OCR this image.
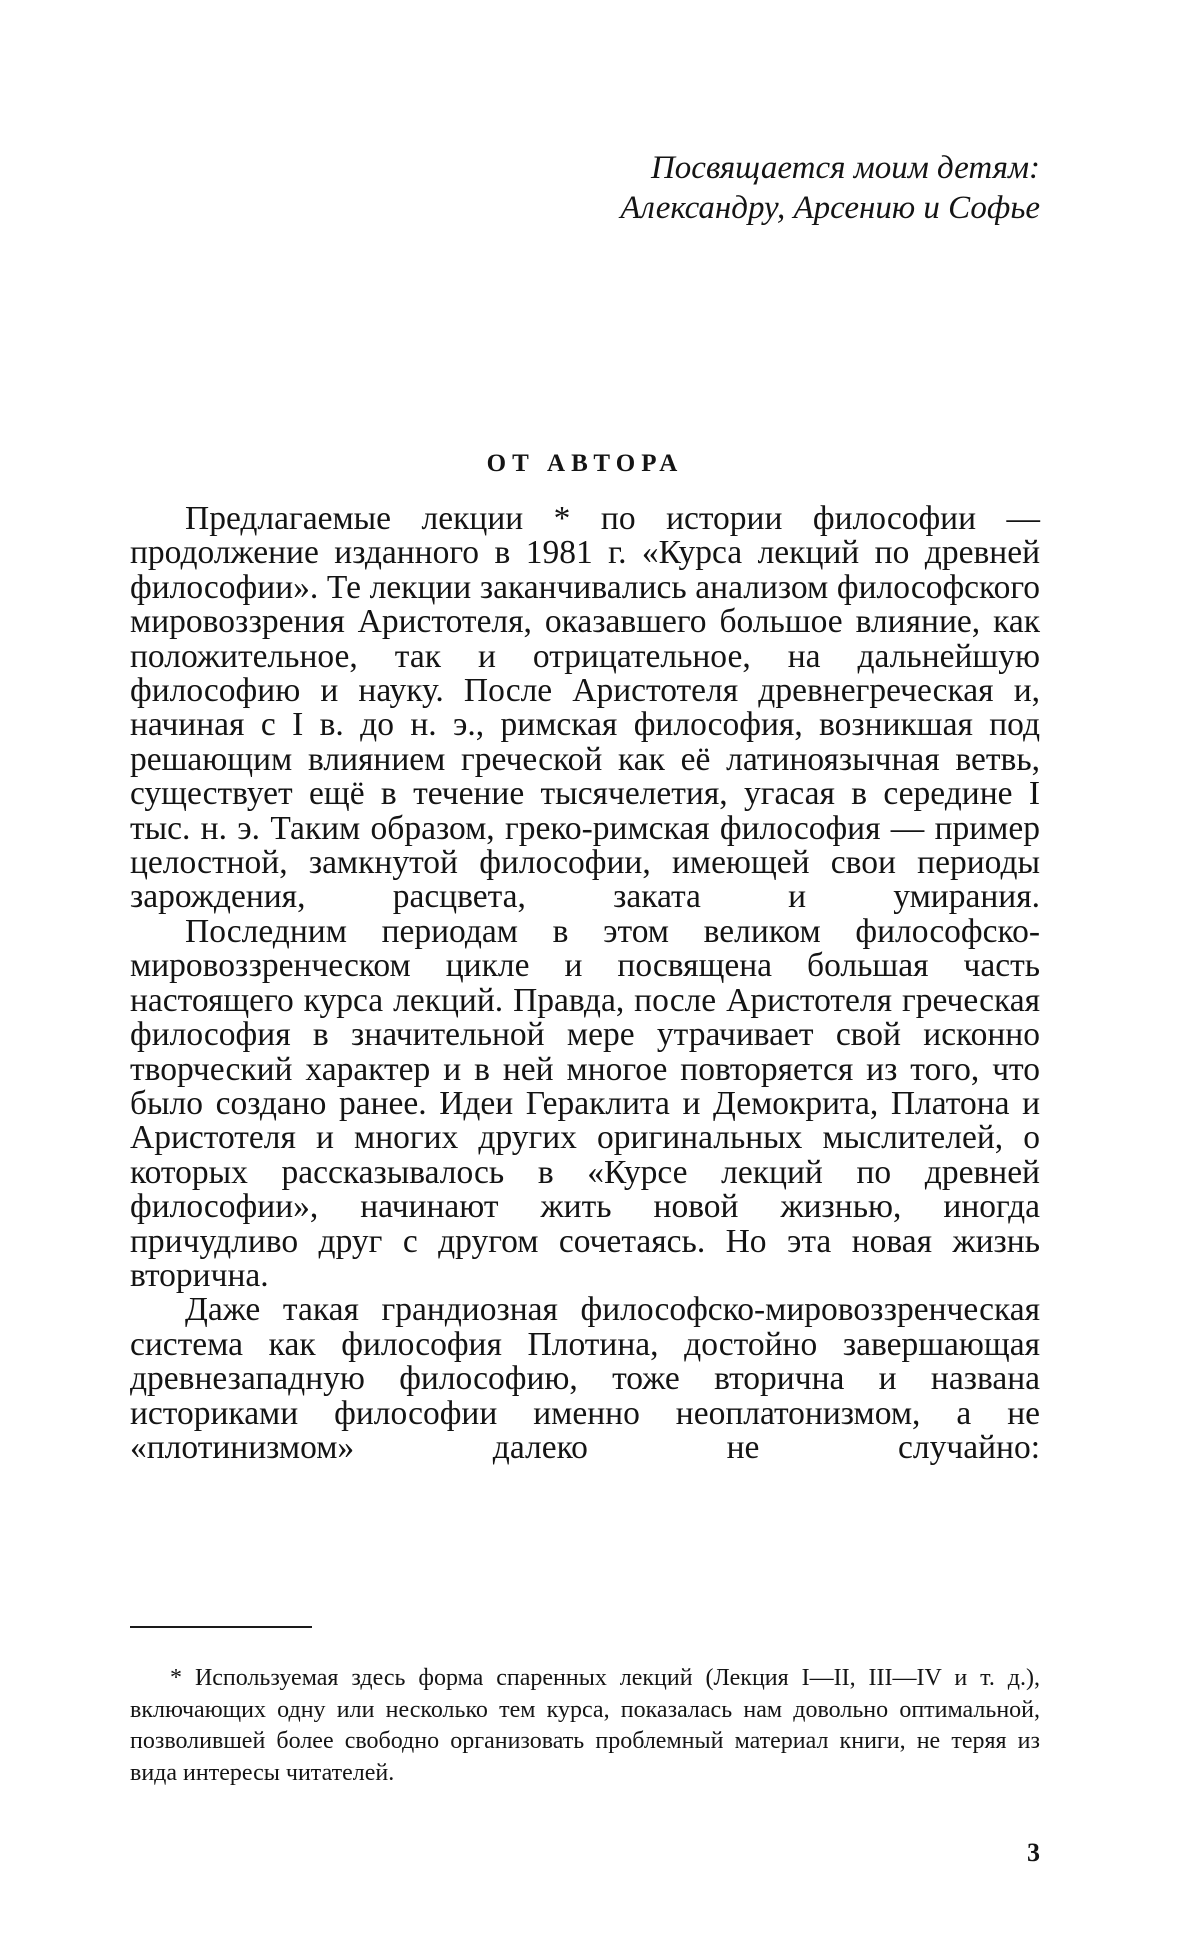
Посвящается моим детям:
Александру, Арсению и Софье
ОТ АВТОРА

Предлагаемые лекции * по истории философии — продолжение изданного в 1981 г. «Курса лекций по древней философии». Те лекции заканчивались анализом философского мировоззрения Аристотеля, оказавшего большое влияние, как положительное, так и отрицательное, на дальнейшую философию и науку. После Аристотеля древнегреческая и, начиная с I в. до н. э., римская философия, возникшая под решающим влиянием греческой как её латиноязычная ветвь, существует ещё в течение тысячелетия, угасая в середине I тыс. н. э. Таким образом, греко-римская философия — пример целостной, замкнутой философии, имеющей свои периоды зарождения, расцвета, заката и умирания.

Последним периодам в этом великом философско-мировоззренческом цикле и посвящена большая часть настоящего курса лекций. Правда, после Аристотеля греческая философия в значительной мере утрачивает свой исконно творческий характер и в ней многое повторяется из того, что было создано ранее. Идеи Гераклита и Демокрита, Платона и Аристотеля и многих других оригинальных мыслителей, о которых рассказывалось в «Курсе лекций по древней философии», начинают жить новой жизнью, иногда причудливо друг с другом сочетаясь. Но эта новая жизнь вторична.

Даже такая грандиозная философско-мировоззренческая система как философия Плотина, достойно завершающая древнезападную философию, тоже вторична и названа историками философии именно неоплатонизмом, а не «плотинизмом» далеко не случайно:

* Используемая здесь форма спаренных лекций (Лекция I—II, III—IV и т. д.), включающих одну или несколько тем курса, показалась нам довольно оптимальной, позволившей более свободно организовать проблемный материал книги, не теряя из вида интересы читателей.

3
